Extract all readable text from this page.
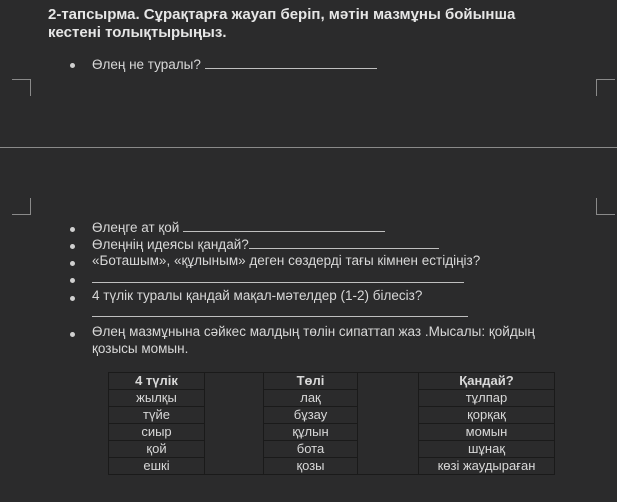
2-тапсырма. Сұрақтарға жауап беріп, мәтін мазмұны бойынша кестені толықтырыңыз.
Өлең не туралы?
Өлеңге ат қой
Өлеңнің идеясы қандай?
«Боташым», «құлыным» деген сөздерді тағы кімнен естідіңіз?
4 түлік туралы қандай мақал-мәтелдер (1-2) білесіз?
Өлең мазмұнына сәйкес малдың төлін сипаттап жаз .Мысалы: қойдың
қозысы момын.
4 түлік		Төлі		Қандай?
жылқы		лақ		тұлпар
түйе		бұзау		қорқақ
сиыр		құлын		момын
қой		бота		шұнақ
ешкі		қозы		көзі жаудыраған
